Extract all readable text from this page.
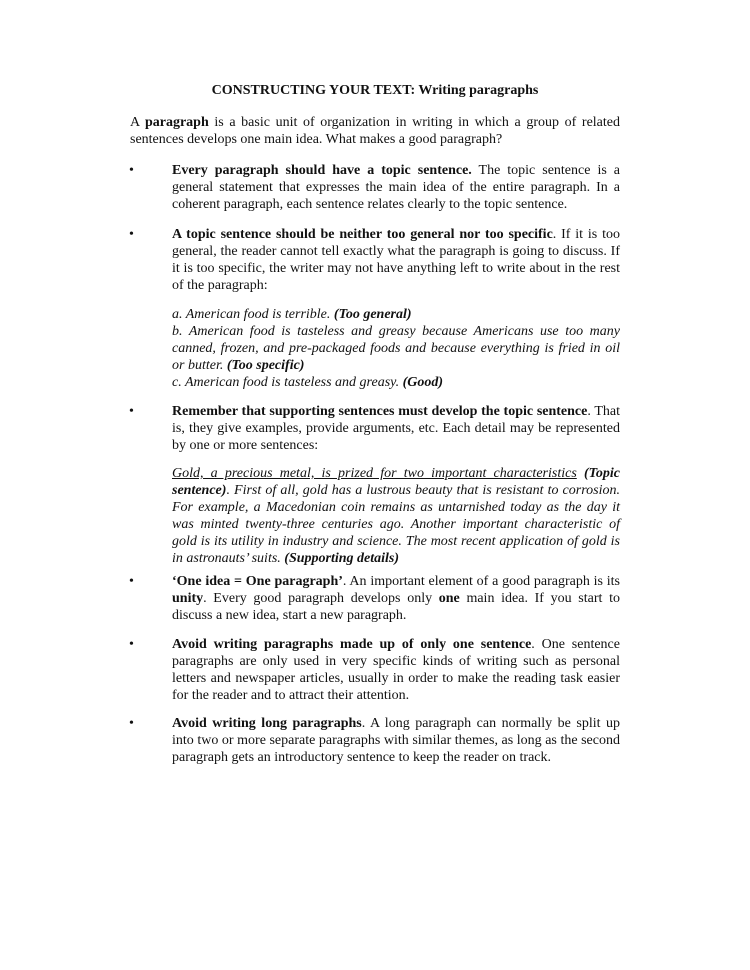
CONSTRUCTING YOUR TEXT: Writing paragraphs
A paragraph is a basic unit of organization in writing in which a group of related sentences develops one main idea. What makes a good paragraph?
•	Every paragraph should have a topic sentence. The topic sentence is a general statement that expresses the main idea of the entire paragraph. In a coherent paragraph, each sentence relates clearly to the topic sentence.
•	A topic sentence should be neither too general nor too specific. If it is too general, the reader cannot tell exactly what the paragraph is going to discuss. If it is too specific, the writer may not have anything left to write about in the rest of the paragraph:
a. American food is terrible. (Too general)
b. American food is tasteless and greasy because Americans use too many canned, frozen, and pre-packaged foods and because everything is fried in oil or butter. (Too specific)
c. American food is tasteless and greasy. (Good)
•	Remember that supporting sentences must develop the topic sentence. That is, they give examples, provide arguments, etc. Each detail may be represented by one or more sentences:
Gold, a precious metal, is prized for two important characteristics (Topic sentence). First of all, gold has a lustrous beauty that is resistant to corrosion. For example, a Macedonian coin remains as untarnished today as the day it was minted twenty-three centuries ago. Another important characteristic of gold is its utility in industry and science. The most recent application of gold is in astronauts’ suits. (Supporting details)
•	‘One idea = One paragraph’. An important element of a good paragraph is its unity. Every good paragraph develops only one main idea. If you start to discuss a new idea, start a new paragraph.
•	Avoid writing paragraphs made up of only one sentence. One sentence paragraphs are only used in very specific kinds of writing such as personal letters and newspaper articles, usually in order to make the reading task easier for the reader and to attract their attention.
•	Avoid writing long paragraphs. A long paragraph can normally be split up into two or more separate paragraphs with similar themes, as long as the second paragraph gets an introductory sentence to keep the reader on track.
